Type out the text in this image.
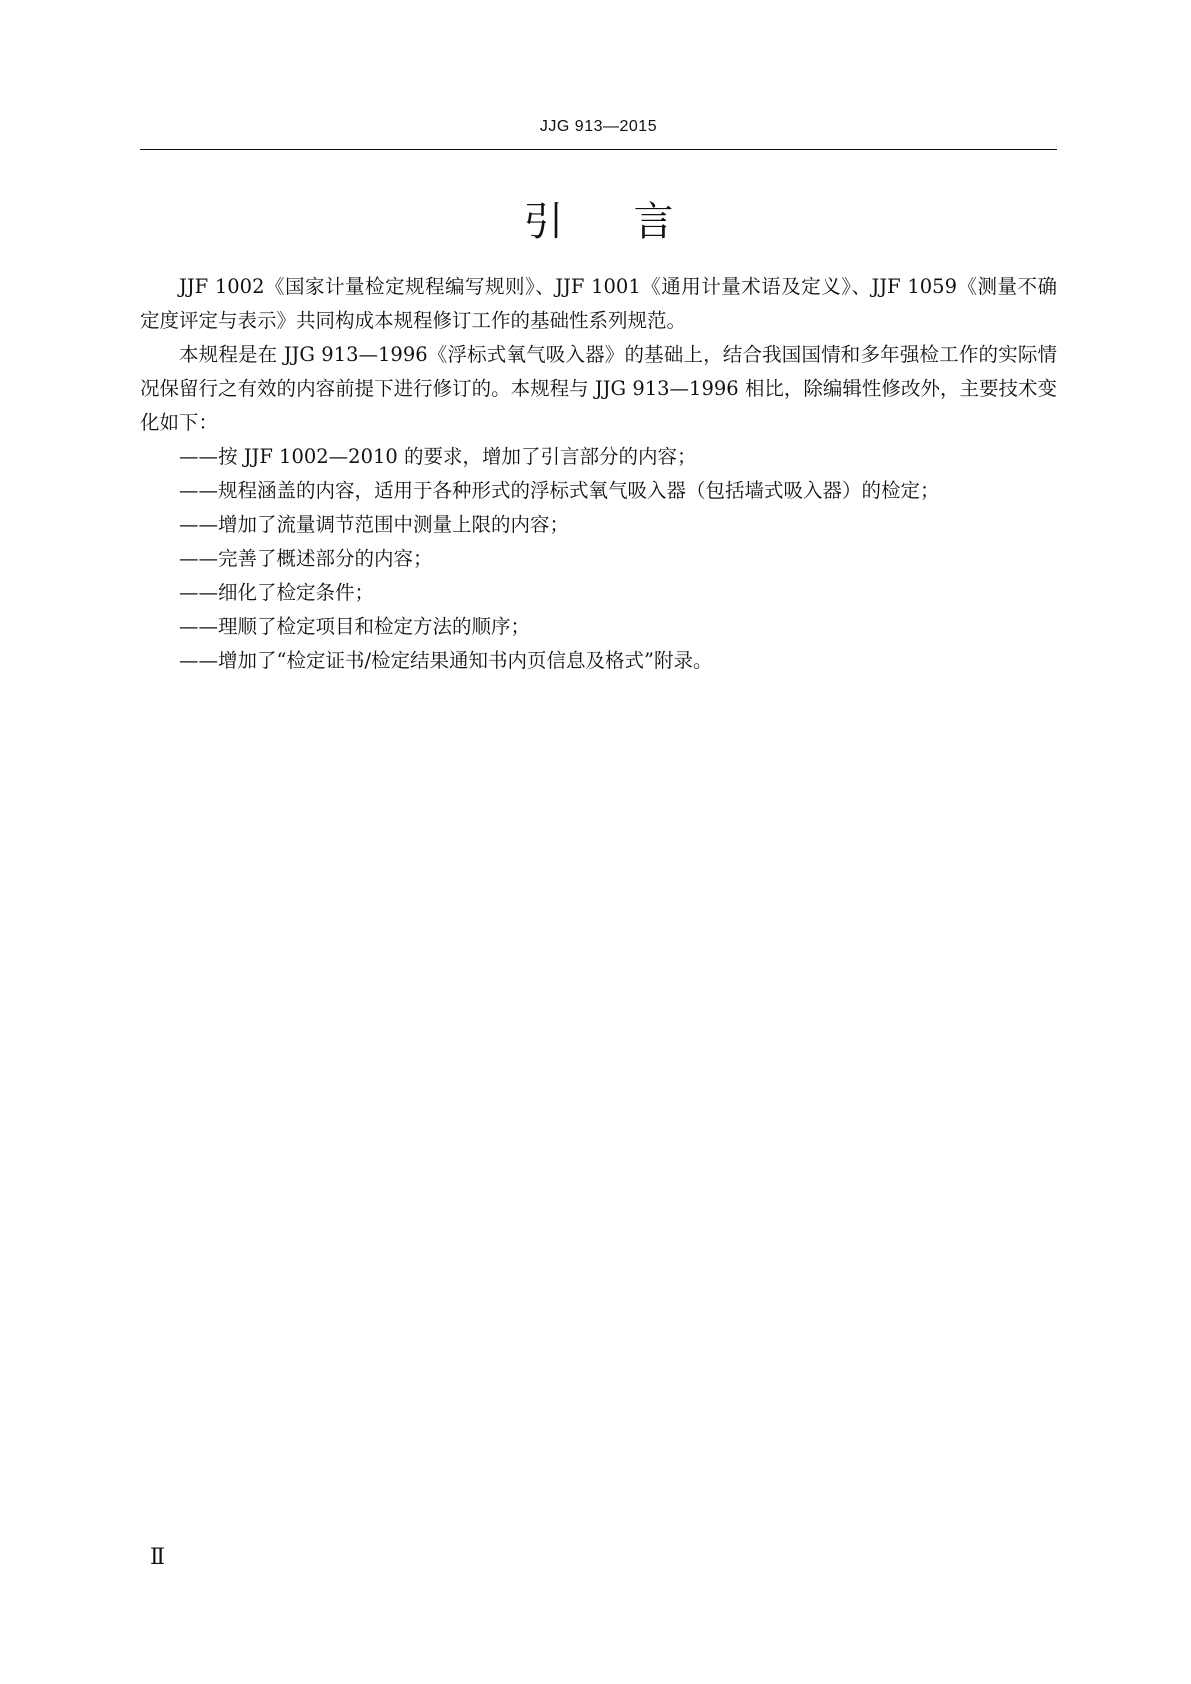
JJG 913—2015
引言

JJF 1002《国家计量检定规程编写规则》、JJF 1001《通用计量术语及定义》、JJF 1059《测量不确定度评定与表示》共同构成本规程修订工作的基础性系列规范。

本规程是在 JJG 913—1996《浮标式氧气吸入器》的基础上，结合我国国情和多年强检工作的实际情况保留行之有效的内容前提下进行修订的。本规程与 JJG 913—1996 相比，除编辑性修改外，主要技术变化如下：

——按 JJF 1002—2010 的要求，增加了引言部分的内容；

——规程涵盖的内容，适用于各种形式的浮标式氧气吸入器（包括墙式吸入器）的检定；

——增加了流量调节范围中测量上限的内容；

——完善了概述部分的内容；

——细化了检定条件；

——理顺了检定项目和检定方法的顺序；

——增加了“检定证书/检定结果通知书内页信息及格式”附录。

Ⅱ
